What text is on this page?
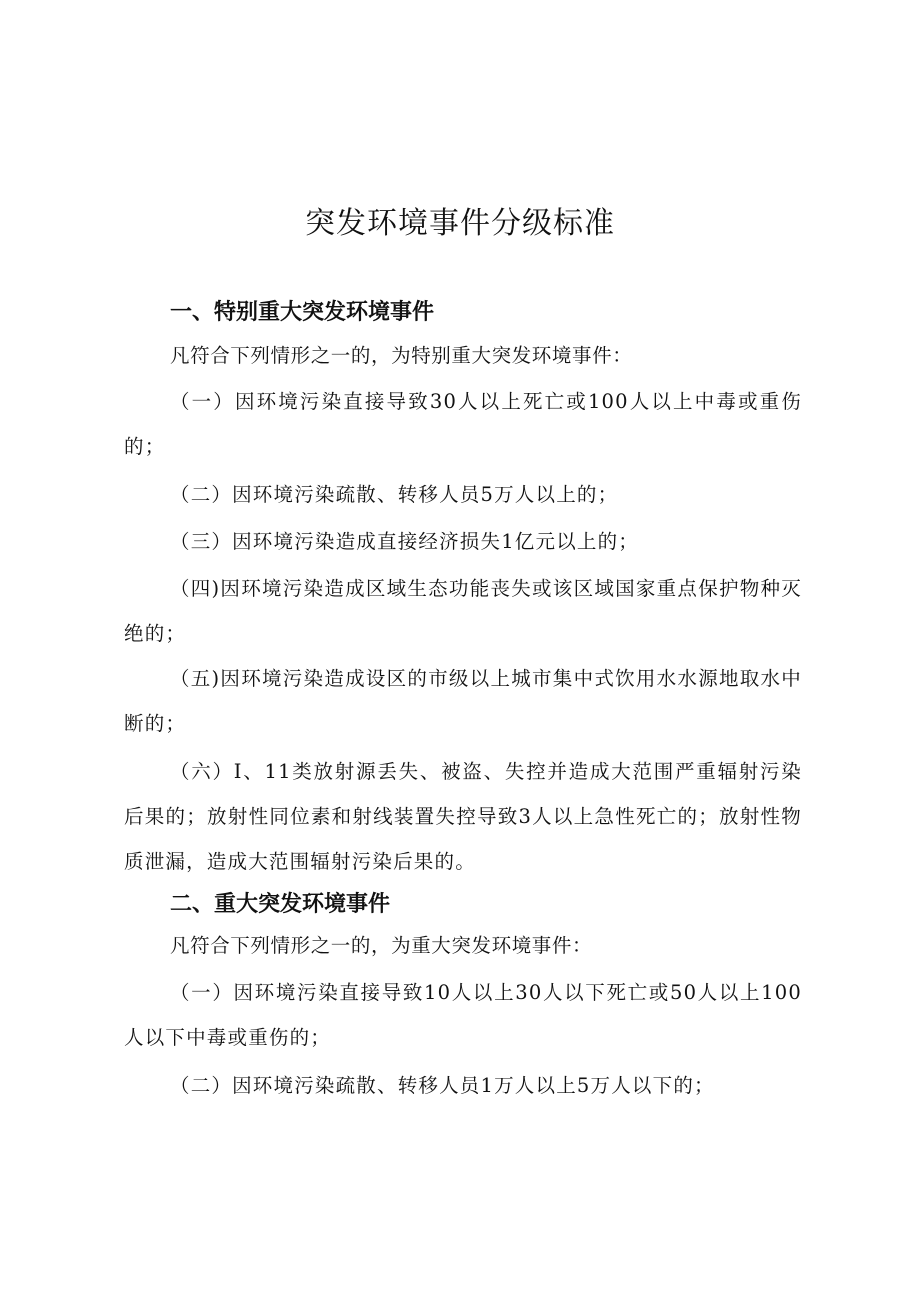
突发环境事件分级标准
一、特别重大突发环境事件

凡符合下列情形之一的，为特别重大突发环境事件：

（一）因环境污染直接导致30人以上死亡或100人以上中毒或重伤的；

（二）因环境污染疏散、转移人员5万人以上的；

（三）因环境污染造成直接经济损失1亿元以上的；

（四)因环境污染造成区域生态功能丧失或该区域国家重点保护物种灭绝的；

（五)因环境污染造成设区的市级以上城市集中式饮用水水源地取水中断的；

（六）I、11类放射源丢失、被盗、失控并造成大范围严重辐射污染后果的；放射性同位素和射线装置失控导致3人以上急性死亡的；放射性物质泄漏，造成大范围辐射污染后果的。

二、重大突发环境事件

凡符合下列情形之一的，为重大突发环境事件：

（一）因环境污染直接导致10人以上30人以下死亡或50人以上100人以下中毒或重伤的；

（二）因环境污染疏散、转移人员1万人以上5万人以下的；
